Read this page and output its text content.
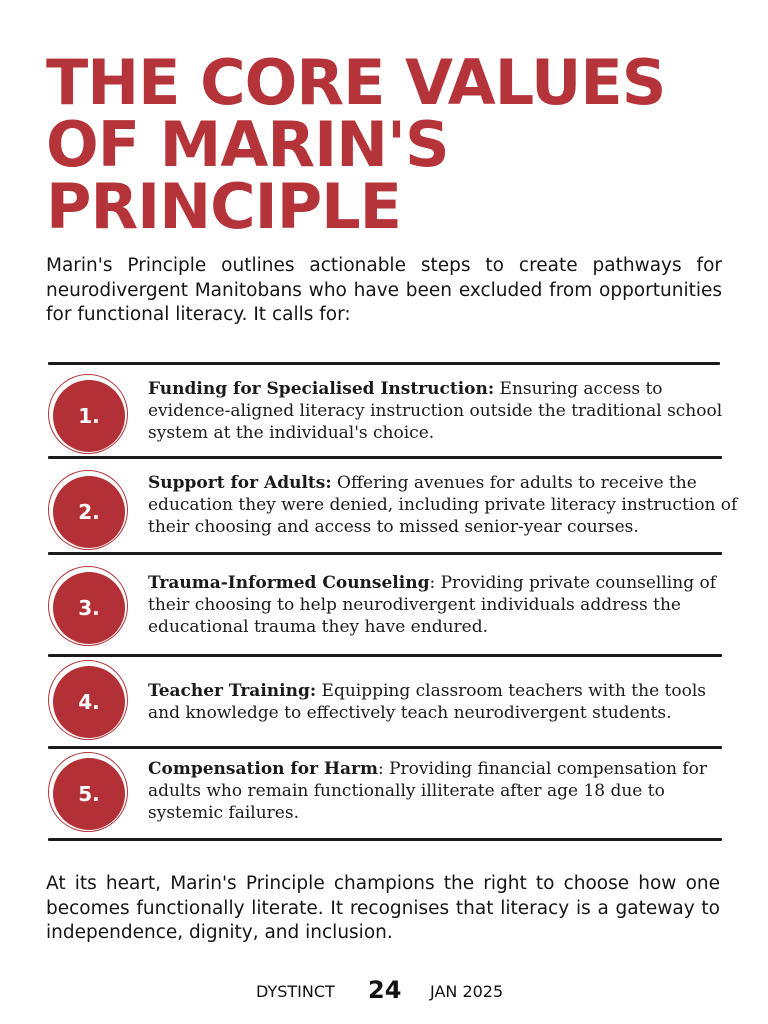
THE CORE VALUES
OF MARIN'S
PRINCIPLE

Marin's Principle outlines actionable steps to create pathways for neurodivergent Manitobans who have been excluded from opportunities for functional literacy. It calls for:

1.

Funding for Specialised Instruction: Ensuring access to evidence-aligned literacy instruction outside the traditional school system at the individual's choice.

2.

Support for Adults: Offering avenues for adults to receive the education they were denied, including private literacy instruction of their choosing and access to missed senior-year courses.

3.

Trauma-Informed Counseling: Providing private counselling of their choosing to help neurodivergent individuals address the educational trauma they have endured.

4.	Teacher Training: Equipping classroom teachers with the tools and knowledge to effectively teach neurodivergent students.

5.

Compensation for Harm: Providing financial compensation for adults who remain functionally illiterate after age 18 due to systemic failures.

At its heart, Marin's Principle champions the right to choose how one becomes functionally literate. It recognises that literacy is a gateway to independence, dignity, and inclusion.

DYSTINCT 24 JAN 2025
